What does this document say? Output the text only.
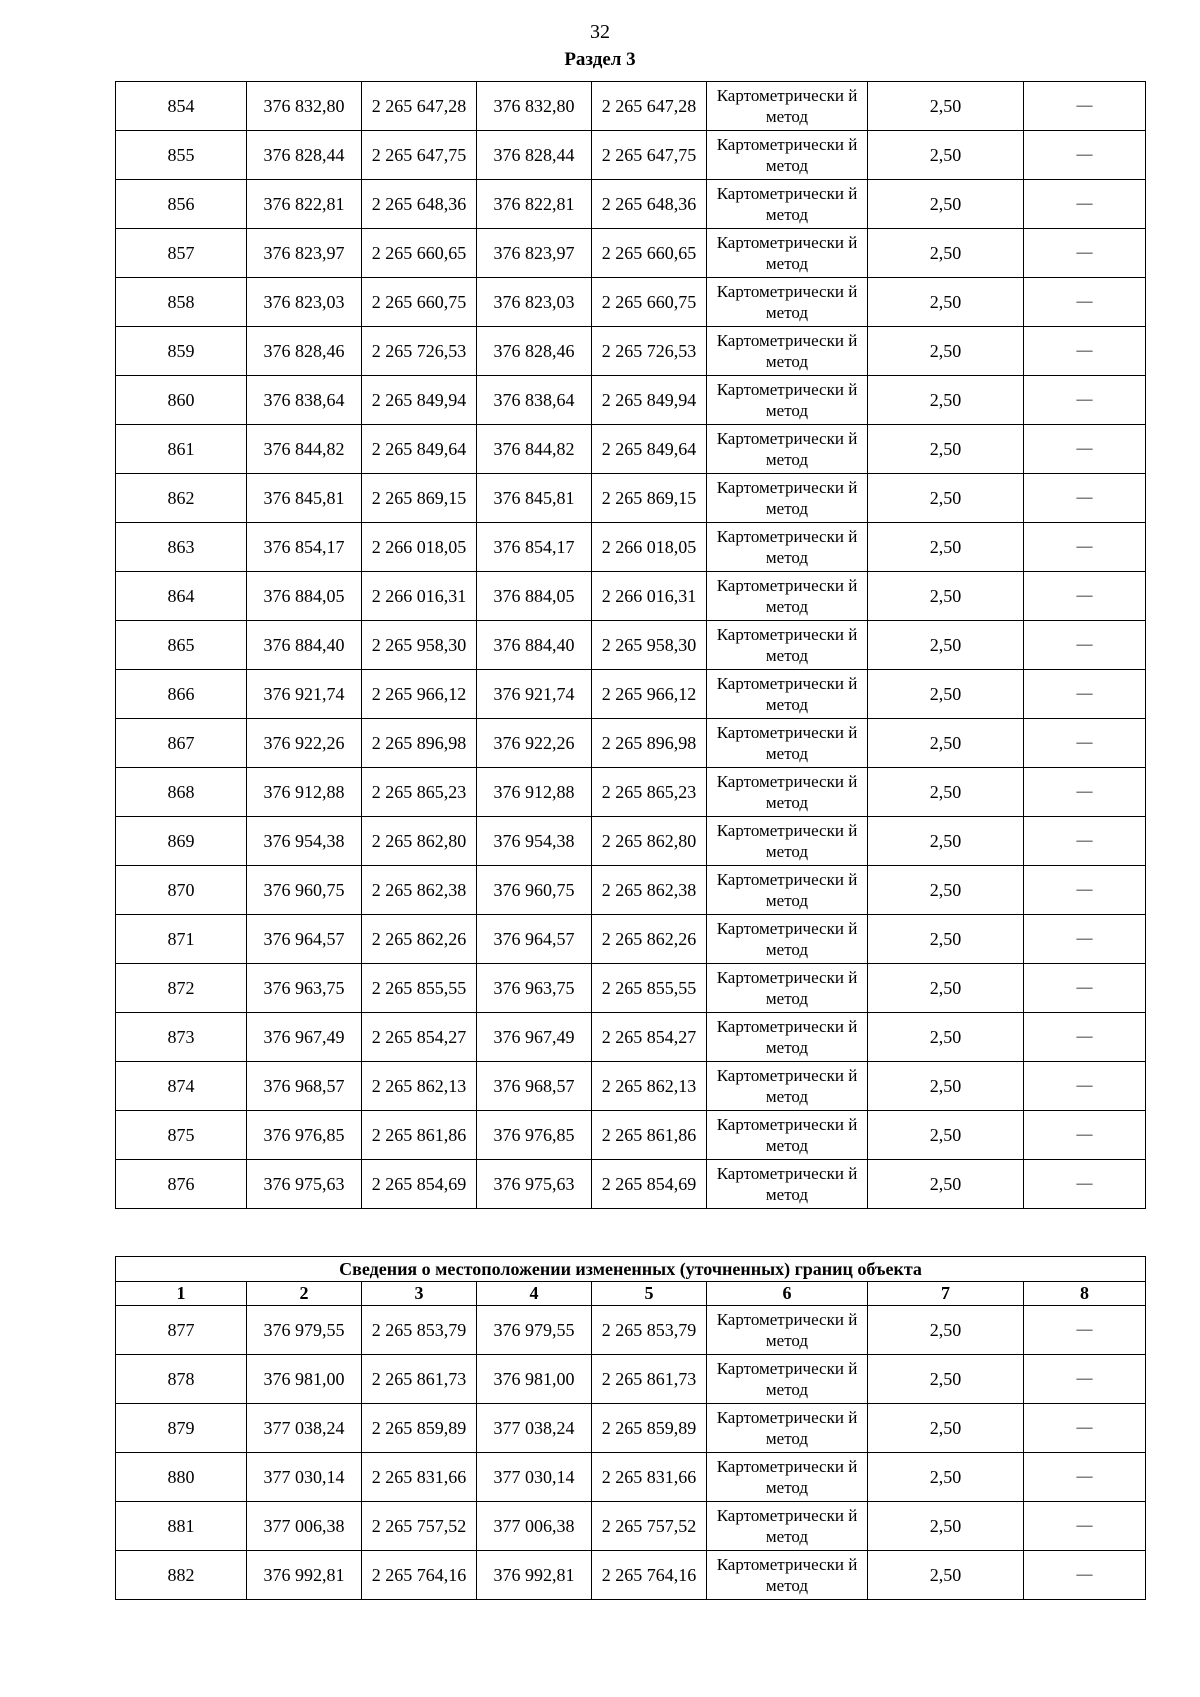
32
Раздел 3
854	376 832,80	2 265 647,28	376 832,80	2 265 647,28	Картометрически й метод	2,50	—
855	376 828,44	2 265 647,75	376 828,44	2 265 647,75	Картометрически й метод	2,50	—
856	376 822,81	2 265 648,36	376 822,81	2 265 648,36	Картометрически й метод	2,50	—
857	376 823,97	2 265 660,65	376 823,97	2 265 660,65	Картометрически й метод	2,50	—
858	376 823,03	2 265 660,75	376 823,03	2 265 660,75	Картометрически й метод	2,50	—
859	376 828,46	2 265 726,53	376 828,46	2 265 726,53	Картометрически й метод	2,50	—
860	376 838,64	2 265 849,94	376 838,64	2 265 849,94	Картометрически й метод	2,50	—
861	376 844,82	2 265 849,64	376 844,82	2 265 849,64	Картометрически й метод	2,50	—
862	376 845,81	2 265 869,15	376 845,81	2 265 869,15	Картометрически й метод	2,50	—
863	376 854,17	2 266 018,05	376 854,17	2 266 018,05	Картометрически й метод	2,50	—
864	376 884,05	2 266 016,31	376 884,05	2 266 016,31	Картометрически й метод	2,50	—
865	376 884,40	2 265 958,30	376 884,40	2 265 958,30	Картометрически й метод	2,50	—
866	376 921,74	2 265 966,12	376 921,74	2 265 966,12	Картометрически й метод	2,50	—
867	376 922,26	2 265 896,98	376 922,26	2 265 896,98	Картометрически й метод	2,50	—
868	376 912,88	2 265 865,23	376 912,88	2 265 865,23	Картометрически й метод	2,50	—
869	376 954,38	2 265 862,80	376 954,38	2 265 862,80	Картометрически й метод	2,50	—
870	376 960,75	2 265 862,38	376 960,75	2 265 862,38	Картометрически й метод	2,50	—
871	376 964,57	2 265 862,26	376 964,57	2 265 862,26	Картометрически й метод	2,50	—
872	376 963,75	2 265 855,55	376 963,75	2 265 855,55	Картометрически й метод	2,50	—
873	376 967,49	2 265 854,27	376 967,49	2 265 854,27	Картометрически й метод	2,50	—
874	376 968,57	2 265 862,13	376 968,57	2 265 862,13	Картометрически й метод	2,50	—
875	376 976,85	2 265 861,86	376 976,85	2 265 861,86	Картометрически й метод	2,50	—
876	376 975,63	2 265 854,69	376 975,63	2 265 854,69	Картометрически й метод	2,50	—
Сведения о местоположении измененных (уточненных) границ объекта							
1	2	3	4	5	6	7	8
877	376 979,55	2 265 853,79	376 979,55	2 265 853,79	Картометрически й метод	2,50	—
878	376 981,00	2 265 861,73	376 981,00	2 265 861,73	Картометрически й метод	2,50	—
879	377 038,24	2 265 859,89	377 038,24	2 265 859,89	Картометрически й метод	2,50	—
880	377 030,14	2 265 831,66	377 030,14	2 265 831,66	Картометрически й метод	2,50	—
881	377 006,38	2 265 757,52	377 006,38	2 265 757,52	Картометрически й метод	2,50	—
882	376 992,81	2 265 764,16	376 992,81	2 265 764,16	Картометрически й метод	2,50	—
